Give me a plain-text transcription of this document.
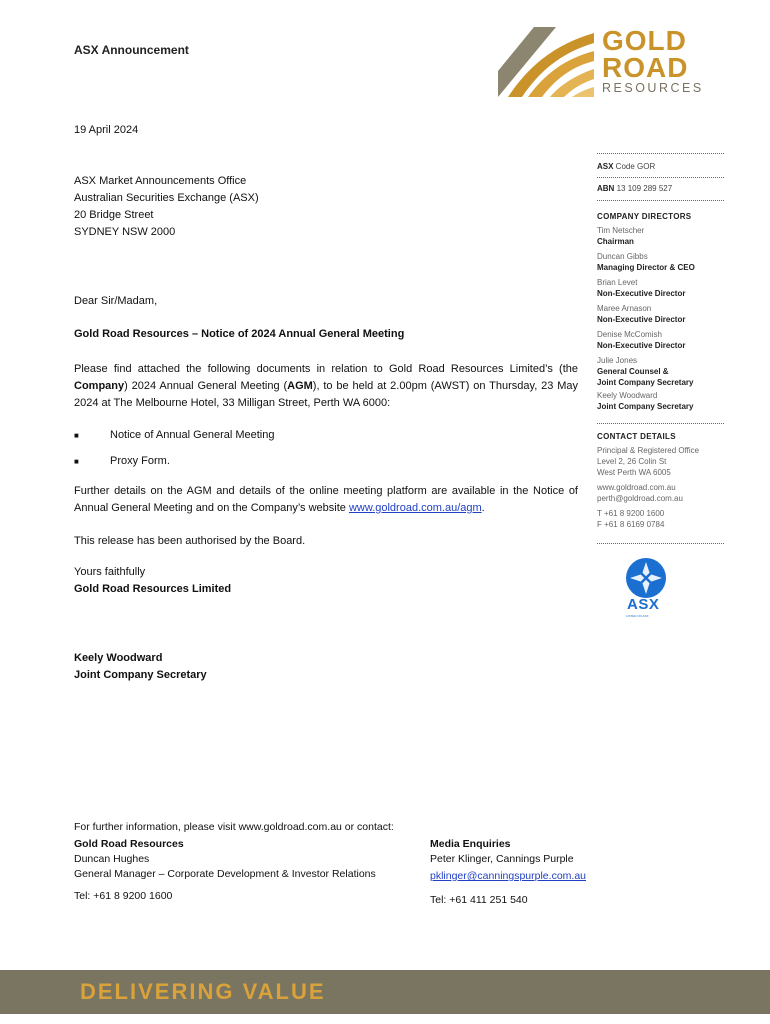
ASX Announcement	GOLD
ROAD
RESOURCES
19 April 2024
ASX Market Announcements Office
Australian Securities Exchange (ASX)
20 Bridge Street
SYDNEY NSW 2000
Dear Sir/Madam,
Gold Road Resources – Notice of 2024 Annual General Meeting
Please find attached the following documents in relation to Gold Road Resources Limited’s (the Company) 2024 Annual General Meeting (AGM), to be held at 2.00pm (AWST) on Thursday, 23 May 2024 at The Melbourne Hotel, 33 Milligan Street, Perth WA 6000:
■	Notice of Annual General Meeting
■	Proxy Form.
Further details on the AGM and details of the online meeting platform are available in the Notice of Annual General Meeting and on the Company’s website www.goldroad.com.au/agm.
This release has been authorised by the Board.
Yours faithfully
Gold Road Resources Limited
Keely Woodward
Joint Company Secretary
ASX Code GOR
ABN 13 109 289 527
COMPANY DIRECTORS
Tim Netscher
Chairman
Duncan Gibbs
Managing Director & CEO
Brian Levet
Non-Executive Director
Maree Arnason
Non-Executive Director
Denise McComish
Non-Executive Director
Julie Jones
General Counsel &
Joint Company Secretary
Keely Woodward
Joint Company Secretary
CONTACT DETAILS
Principal & Registered Office
Level 2, 26 Colin St
West Perth WA 6005
www.goldroad.com.au
perth@goldroad.com.au
T +61 8 9200 1600
F +61 8 6169 0784
ASX
LISTED ON ASX
For further information, please visit www.goldroad.com.au or contact:
Gold Road Resources
Duncan Hughes
General Manager – Corporate Development & Investor Relations
Tel: +61 8 9200 1600
Media Enquiries
Peter Klinger, Cannings Purple
pklinger@canningspurple.com.au
Tel: +61 411 251 540
DELIVERING VALUE
